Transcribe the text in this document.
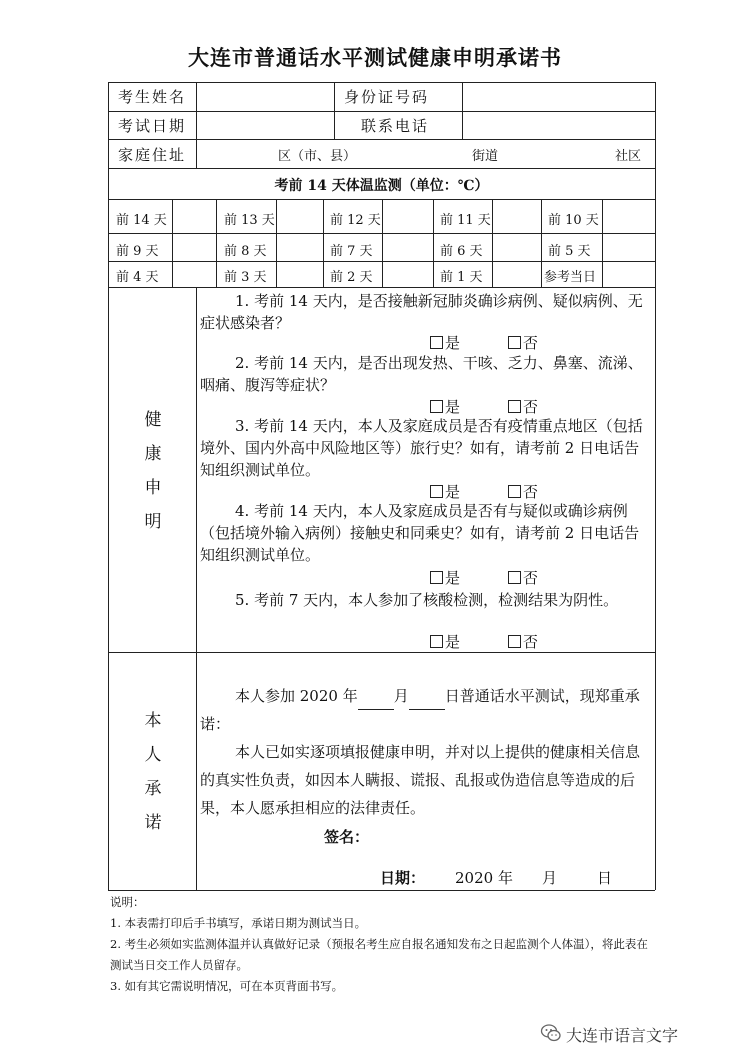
大连市普通话水平测试健康申明承诺书
考生姓名	身份证号码
考试日期	联系电话
家庭住址	区（市、县）	街道	社区
考前 14 天体温监测（单位：℃）
前 14 天	前 13 天	前 12 天	前 11 天	前 10 天
前 9 天	前 8 天	前 7 天	前 6 天	前 5 天
前 4 天	前 3 天	前 2 天	前 1 天	参考当日
健
康
申
明
1. 考前 14 天内，是否接触新冠肺炎确诊病例、疑似病例、无症状感染者？
是	否
2. 考前 14 天内，是否出现发热、干咳、乏力、鼻塞、流涕、咽痛、腹泻等症状？
是	否
3. 考前 14 天内，本人及家庭成员是否有疫情重点地区（包括境外、国内外高中风险地区等）旅行史？如有，请考前 2 日电话告知组织测试单位。
是	否
4. 考前 14 天内，本人及家庭成员是否有与疑似或确诊病例（包括境外输入病例）接触史和同乘史？如有，请考前 2 日电话告知组织测试单位。
是	否
5. 考前 7 天内，本人参加了核酸检测，检测结果为阴性。
是	否
本
人
承
诺
本人参加 2020 年 月 日普通话水平测试，现郑重承诺：
本人已如实逐项填报健康申明，并对以上提供的健康相关信息的真实性负责，如因本人瞒报、谎报、乱报或伪造信息等造成的后果，本人愿承担相应的法律责任。
签名：
日期： 2020 年 月	日
说明：
1. 本表需打印后手书填写，承诺日期为测试当日。
2. 考生必须如实监测体温并认真做好记录（预报名考生应自报名通知发布之日起监测个人体温），将此表在测试当日交工作人员留存。
3. 如有其它需说明情况，可在本页背面书写。
大连市语言文字
